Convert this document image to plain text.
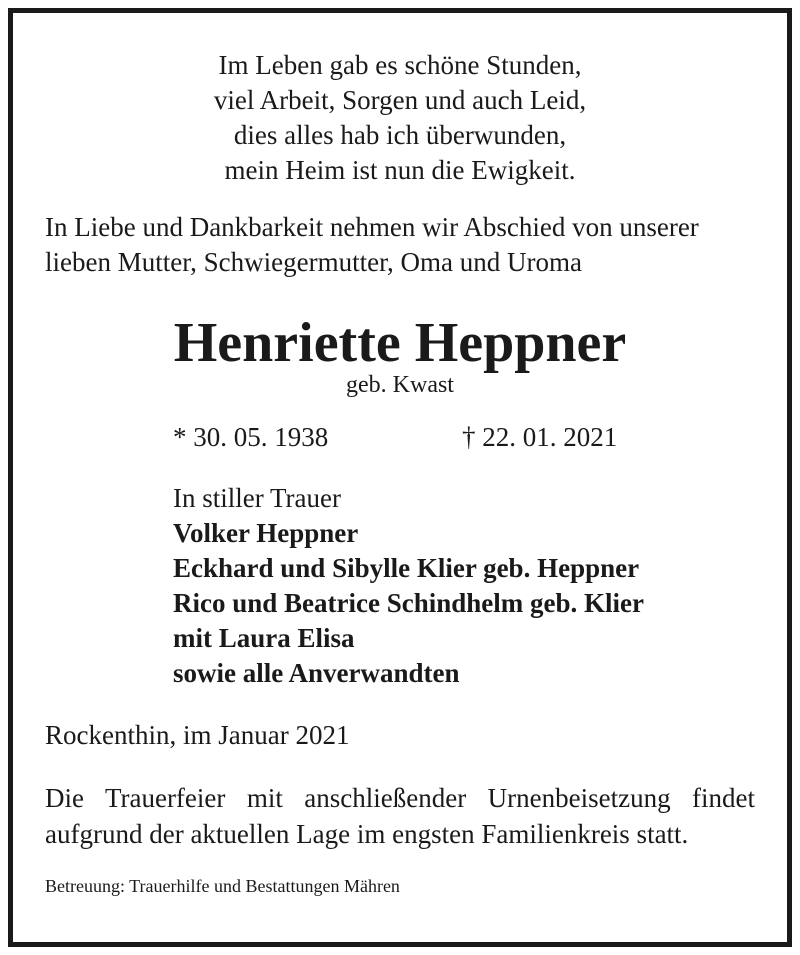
Im Leben gab es schöne Stunden,
viel Arbeit, Sorgen und auch Leid,
dies alles hab ich überwunden,
mein Heim ist nun die Ewigkeit.
In Liebe und Dankbarkeit nehmen wir Abschied von unserer
lieben Mutter, Schwiegermutter, Oma und Uroma
Henriette Heppner
geb. Kwast
* 30. 05. 1938	† 22. 01. 2021
In stiller Trauer
Volker Heppner
Eckhard und Sibylle Klier geb. Heppner
Rico und Beatrice Schindhelm geb. Klier
mit Laura Elisa
sowie alle Anverwandten
Rockenthin, im Januar 2021
Die Trauerfeier mit anschließender Urnenbeisetzung findet
aufgrund der aktuellen Lage im engsten Familienkreis statt.
Betreuung: Trauerhilfe und Bestattungen Mähren
